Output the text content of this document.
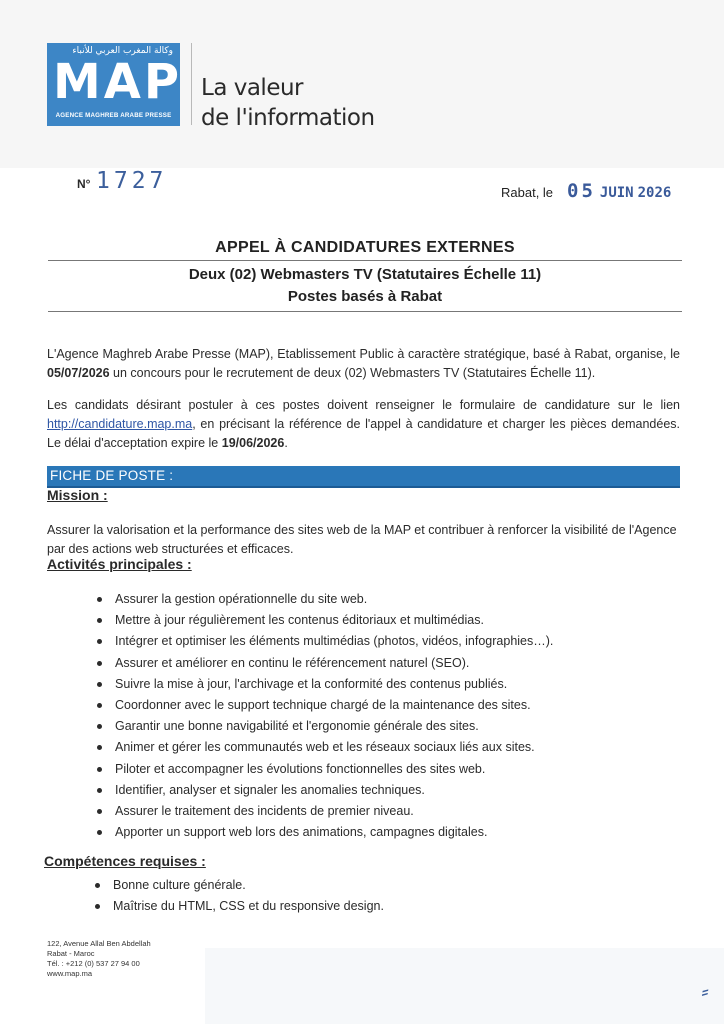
وكالة المغرب العربي للأنباء
MAP
AGENCE MAGHREB ARABE PRESSE
La valeur
de l'information
N° 1727	Rabat, le 05 JUIN 2026
APPEL À CANDIDATURES EXTERNES
Deux (02) Webmasters TV (Statutaires Échelle 11)
Postes basés à Rabat
L'Agence Maghreb Arabe Presse (MAP), Etablissement Public à caractère stratégique, basé à Rabat, organise, le 05/07/2026 un concours pour le recrutement de deux (02) Webmasters TV (Statutaires Échelle 11).
Les candidats désirant postuler à ces postes doivent renseigner le formulaire de candidature sur le lien http://candidature.map.ma, en précisant la référence de l'appel à candidature et charger les pièces demandées. Le délai d'acceptation expire le 19/06/2026.
FICHE DE POSTE :
Mission :
Assurer la valorisation et la performance des sites web de la MAP et contribuer à renforcer la visibilité de l'Agence par des actions web structurées et efficaces.
Activités principales :
Assurer la gestion opérationnelle du site web.
Mettre à jour régulièrement les contenus éditoriaux et multimédias.
Intégrer et optimiser les éléments multimédias (photos, vidéos, infographies…).
Assurer et améliorer en continu le référencement naturel (SEO).
Suivre la mise à jour, l'archivage et la conformité des contenus publiés.
Coordonner avec le support technique chargé de la maintenance des sites.
Garantir une bonne navigabilité et l'ergonomie générale des sites.
Animer et gérer les communautés web et les réseaux sociaux liés aux sites.
Piloter et accompagner les évolutions fonctionnelles des sites web.
Identifier, analyser et signaler les anomalies techniques.
Assurer le traitement des incidents de premier niveau.
Apporter un support web lors des animations, campagnes digitales.
Compétences requises :
Bonne culture générale.
Maîtrise du HTML, CSS et du responsive design.
122, Avenue Allal Ben Abdellah
Rabat - Maroc
Tél. : +212 (0) 537 27 94 00
www.map.ma
⸗
